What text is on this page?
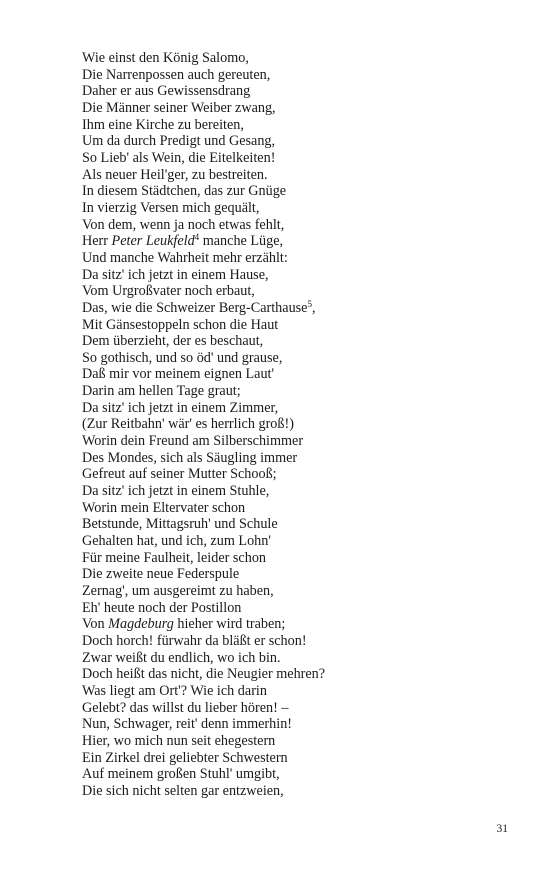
Wie einst den König Salomo,
Die Narrenpossen auch gereuten,
Daher er aus Gewissensdrang
Die Männer seiner Weiber zwang,
Ihm eine Kirche zu bereiten,
Um da durch Predigt und Gesang,
So Lieb' als Wein, die Eitelkeiten!
Als neuer Heil'ger, zu bestreiten.
In diesem Städtchen, das zur Gnüge
In vierzig Versen mich gequält,
Von dem, wenn ja noch etwas fehlt,
Herr Peter Leukfeld$^4$ manche Lüge,
Und manche Wahrheit mehr erzählt:
Da sitz' ich jetzt in einem Hause,
Vom Urgroßvater noch erbaut,
Das, wie die Schweizer Berg-Carthause$^5$,
Mit Gänsestoppeln schon die Haut
Dem überzieht, der es beschaut,
So gothisch, und so öd' und grause,
Daß mir vor meinem eignen Laut'
Darin am hellen Tage graut;
Da sitz' ich jetzt in einem Zimmer,
(Zur Reitbahn' wär' es herrlich groß!)
Worin dein Freund am Silberschimmer
Des Mondes, sich als Säugling immer
Gefreut auf seiner Mutter Schooß;
Da sitz' ich jetzt in einem Stuhle,
Worin mein Eltervater schon
Betstunde, Mittagsruh' und Schule
Gehalten hat, und ich, zum Lohn'
Für meine Faulheit, leider schon
Die zweite neue Federspule
Zernag', um ausgereimt zu haben,
Eh' heute noch der Postillon
Von Magdeburg hieher wird traben;
Doch horch! fürwahr da bläßt er schon!
Zwar weißt du endlich, wo ich bin.
Doch heißt das nicht, die Neugier mehren?
Was liegt am Ort'? Wie ich darin
Gelebt? das willst du lieber hören! –
Nun, Schwager, reit' denn immerhin!
Hier, wo mich nun seit ehegestern
Ein Zirkel drei geliebter Schwestern
Auf meinem großen Stuhl' umgibt,
Die sich nicht selten gar entzweien,
31
